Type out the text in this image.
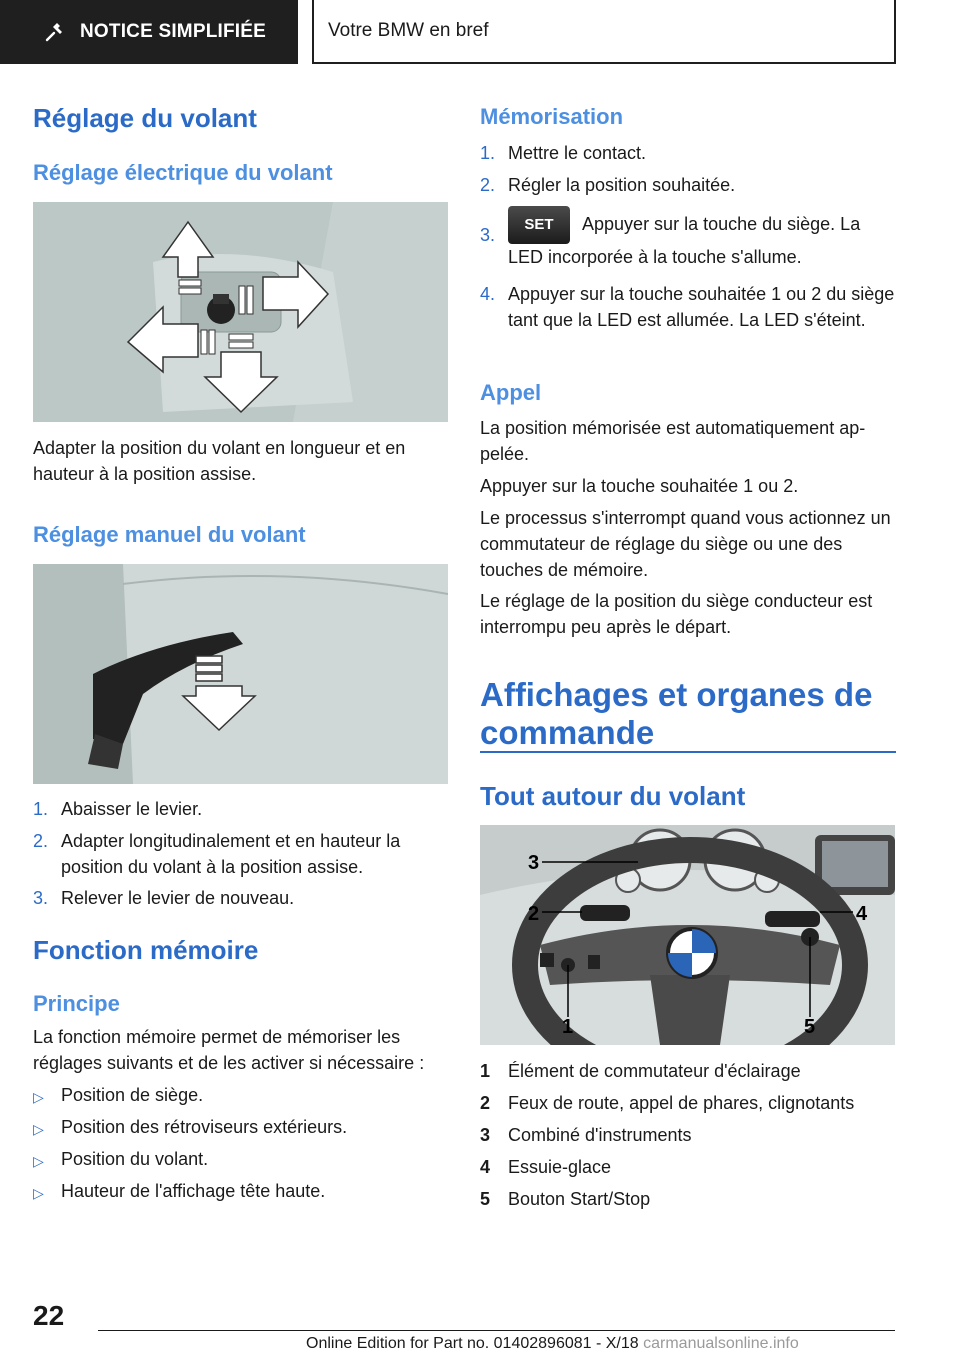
NOTICE SIMPLIFIÉE	Votre BMW en bref
Réglage du volant
Réglage électrique du volant
Adapter la position du volant en longueur et en hauteur à la position assise.
Réglage manuel du volant
1. Abaisser le levier.
2. Adapter longitudinalement et en hauteur la position du volant à la position assise.
3. Relever le levier de nouveau.
Fonction mémoire
Principe
La fonction mémoire permet de mémoriser les réglages suivants et de les activer si nécessaire :
▷ Position de siège.
▷ Position des rétroviseurs extérieurs.
▷ Position du volant.
▷ Hauteur de l'affichage tête haute.
Mémorisation
1. Mettre le contact.
2. Régler la position souhaitée.
3.
SET Appuyer sur la touche du siège. La LED incorporée à la touche s'allume.
4. Appuyer sur la touche souhaitée 1 ou 2 du siège tant que la LED est allumée. La LED s'éteint.
Appel
La position mémorisée est automatiquement ap‐pelée.
Appuyer sur la touche souhaitée 1 ou 2.
Le processus s'interrompt quand vous actionnez un commutateur de réglage du siège ou une des touches de mémoire.
Le réglage de la position du siège conducteur est interrompu peu après le départ.
Affichages et organes de commande
Tout autour du volant
3
2	4
1	5
1 Élément de commutateur d'éclairage
2 Feux de route, appel de phares, clignotants
3 Combiné d'instruments
4 Essuie-glace
5 Bouton Start/Stop
22
Online Edition for Part no. 01402896081 - X/18 carmanualsonline.info
